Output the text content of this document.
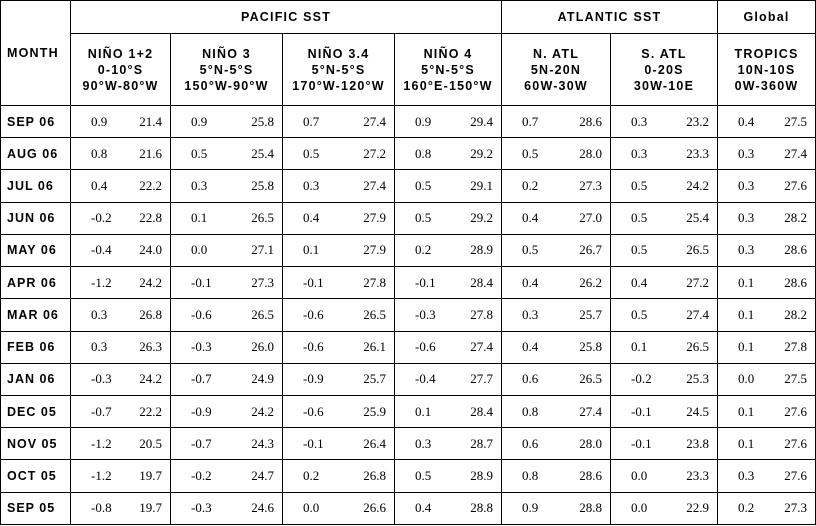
MONTH	PACIFIC SST				ATLANTIC SST		Global

	NIÑO 1+2
0-10°S
90°W-80°W	NIÑO 3
5°N-5°S
150°W-90°W	NIÑO 3.4
5°N-5°S
170°W-120°W	NIÑO 4
5°N-5°S
160°E-150°W	N. ATL
5N-20N
60W-30W	S. ATL
0-20S
30W-10E	TROPICS
10N-10S
0W-360W

SEP 06	0.9 21.4	0.9 25.8	0.7 27.4	0.9 29.4	0.7 28.6	0.3 23.2	0.4 27.5

AUG 06	0.8 21.6	0.5 25.4	0.5 27.2	0.8 29.2	0.5 28.0	0.3 23.3	0.3 27.4

JUL 06	0.4 22.2	0.3 25.8	0.3 27.4	0.5 29.1	0.2 27.3	0.5 24.2	0.3 27.6

JUN 06	-0.2 22.8	0.1 26.5	0.4 27.9	0.5 29.2	0.4 27.0	0.5 25.4	0.3 28.2

MAY 06	-0.4 24.0	0.0 27.1	0.1 27.9	0.2 28.9	0.5 26.7	0.5 26.5	0.3 28.6

APR 06	-1.2 24.2	-0.1 27.3	-0.1 27.8	-0.1 28.4	0.4 26.2	0.4 27.2	0.1 28.6

MAR 06	0.3 26.8	-0.6 26.5	-0.6 26.5	-0.3 27.8	0.3 25.7	0.5 27.4	0.1 28.2

FEB 06	0.3 26.3	-0.3 26.0	-0.6 26.1	-0.6 27.4	0.4 25.8	0.1 26.5	0.1 27.8

JAN 06	-0.3 24.2	-0.7 24.9	-0.9 25.7	-0.4 27.7	0.6 26.5	-0.2 25.3	0.0 27.5

DEC 05	-0.7 22.2	-0.9 24.2	-0.6 25.9	0.1 28.4	0.8 27.4	-0.1 24.5	0.1 27.6

NOV 05	-1.2 20.5	-0.7 24.3	-0.1 26.4	0.3 28.7	0.6 28.0	-0.1 23.8	0.1 27.6

OCT 05	-1.2 19.7	-0.2 24.7	0.2 26.8	0.5 28.9	0.8 28.6	0.0 23.3	0.3 27.6

SEP 05	-0.8 19.7	-0.3 24.6	0.0 26.6	0.4 28.8	0.9 28.8	0.0 22.9	0.2 27.3
